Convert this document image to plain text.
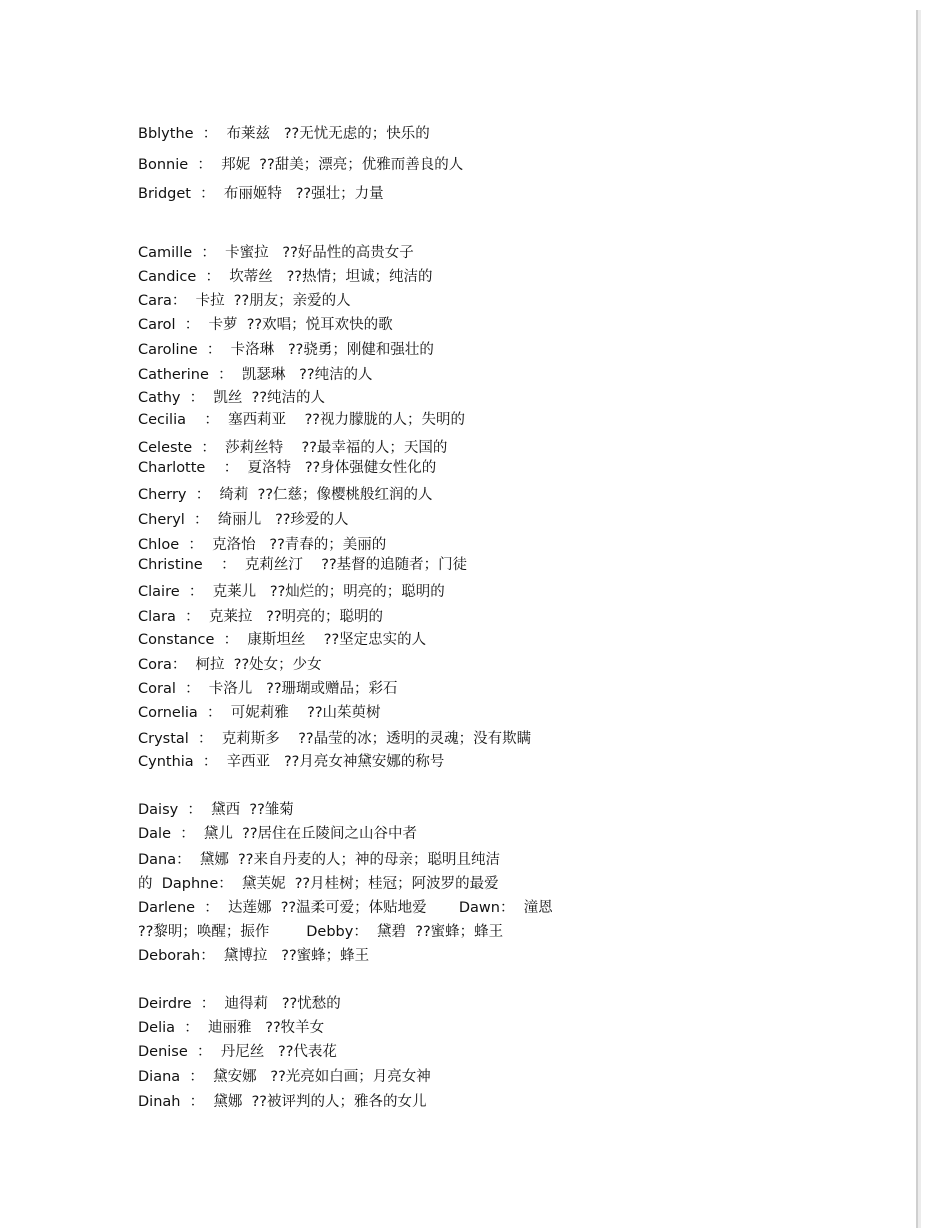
Bblythe  ：  布莱兹   ??无忧无虑的；快乐的
Bonnie  ：  邦妮  ??甜美；漂亮；优雅而善良的人
Bridget  ：  布丽姬特   ??强壮；力量
Camille  ：  卡蜜拉   ??好品性的高贵女子
Candice  ：  坎蒂丝   ??热情；坦诚；纯洁的
Cara：  卡拉  ??朋友；亲爱的人
Carol  ：  卡萝  ??欢唱；悦耳欢快的歌
Caroline  ：  卡洛琳   ??骁勇；刚健和强壮的
Catherine  ：  凯瑟琳   ??纯洁的人
Cathy  ：  凯丝  ??纯洁的人
Cecilia    ：  塞西莉亚    ??视力朦胧的人；失明的
Celeste  ：  莎莉丝特    ??最幸福的人；天国的
Charlotte    ：  夏洛特   ??身体强健女性化的
Cherry  ：  绮莉  ??仁慈；像樱桃般红润的人
Cheryl  ：  绮丽儿   ??珍爱的人
Chloe  ：  克洛怡   ??青春的；美丽的
Christine    ：  克莉丝汀    ??基督的追随者；门徒
Claire  ：  克莱儿   ??灿烂的；明亮的；聪明的
Clara  ：  克莱拉   ??明亮的；聪明的
Constance  ：  康斯坦丝    ??坚定忠实的人
Cora：  柯拉  ??处女；少女
Coral  ：  卡洛儿   ??珊瑚或赠品；彩石
Cornelia  ：  可妮莉雅    ??山茱萸树
Crystal  ：  克莉斯多    ??晶莹的冰；透明的灵魂；没有欺瞒
Cynthia  ：  辛西亚   ??月亮女神黛安娜的称号
Daisy  ：  黛西  ??雏菊
Dale  ：  黛儿  ??居住在丘陵间之山谷中者
Dana：  黛娜  ??来自丹麦的人；神的母亲；聪明且纯洁
的  Daphne：  黛芙妮  ??月桂树；桂冠；阿波罗的最爱
Darlene  ：  达莲娜  ??温柔可爱；体贴地爱       Dawn：  潼恩
??黎明；唤醒；振作        Debby：  黛碧  ??蜜蜂；蜂王
Deborah：  黛博拉   ??蜜蜂；蜂王
Deirdre  ：  迪得莉   ??忧愁的
Delia  ：  迪丽雅   ??牧羊女
Denise  ：  丹尼丝   ??代表花
Diana  ：  黛安娜   ??光亮如白画；月亮女神
Dinah  ：  黛娜  ??被评判的人；雅各的女儿
